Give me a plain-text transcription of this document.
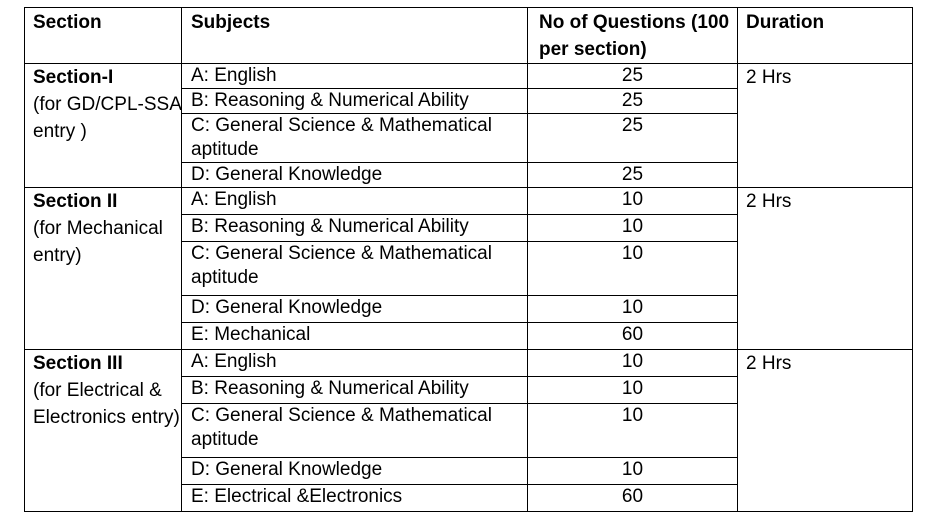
Section	Subjects	No of Questions (100 per section)	Duration

Section-I
(for GD/CPL-SSA entry )	A: English	25	2 Hrs
	B: Reasoning & Numerical Ability	25	
	C: General Science & Mathematical aptitude	25	
	D: General Knowledge	25	

Section II
(for Mechanical entry)	A: English	10	2 Hrs
	B: Reasoning & Numerical Ability	10	
	C: General Science & Mathematical aptitude	10	
	D: General Knowledge	10	
	E: Mechanical	60	

Section III
(for Electrical & Electronics entry)	A: English	10	2 Hrs
	B: Reasoning & Numerical Ability	10	
	C: General Science & Mathematical aptitude	10	
	D: General Knowledge	10	
	E: Electrical &Electronics	60	
